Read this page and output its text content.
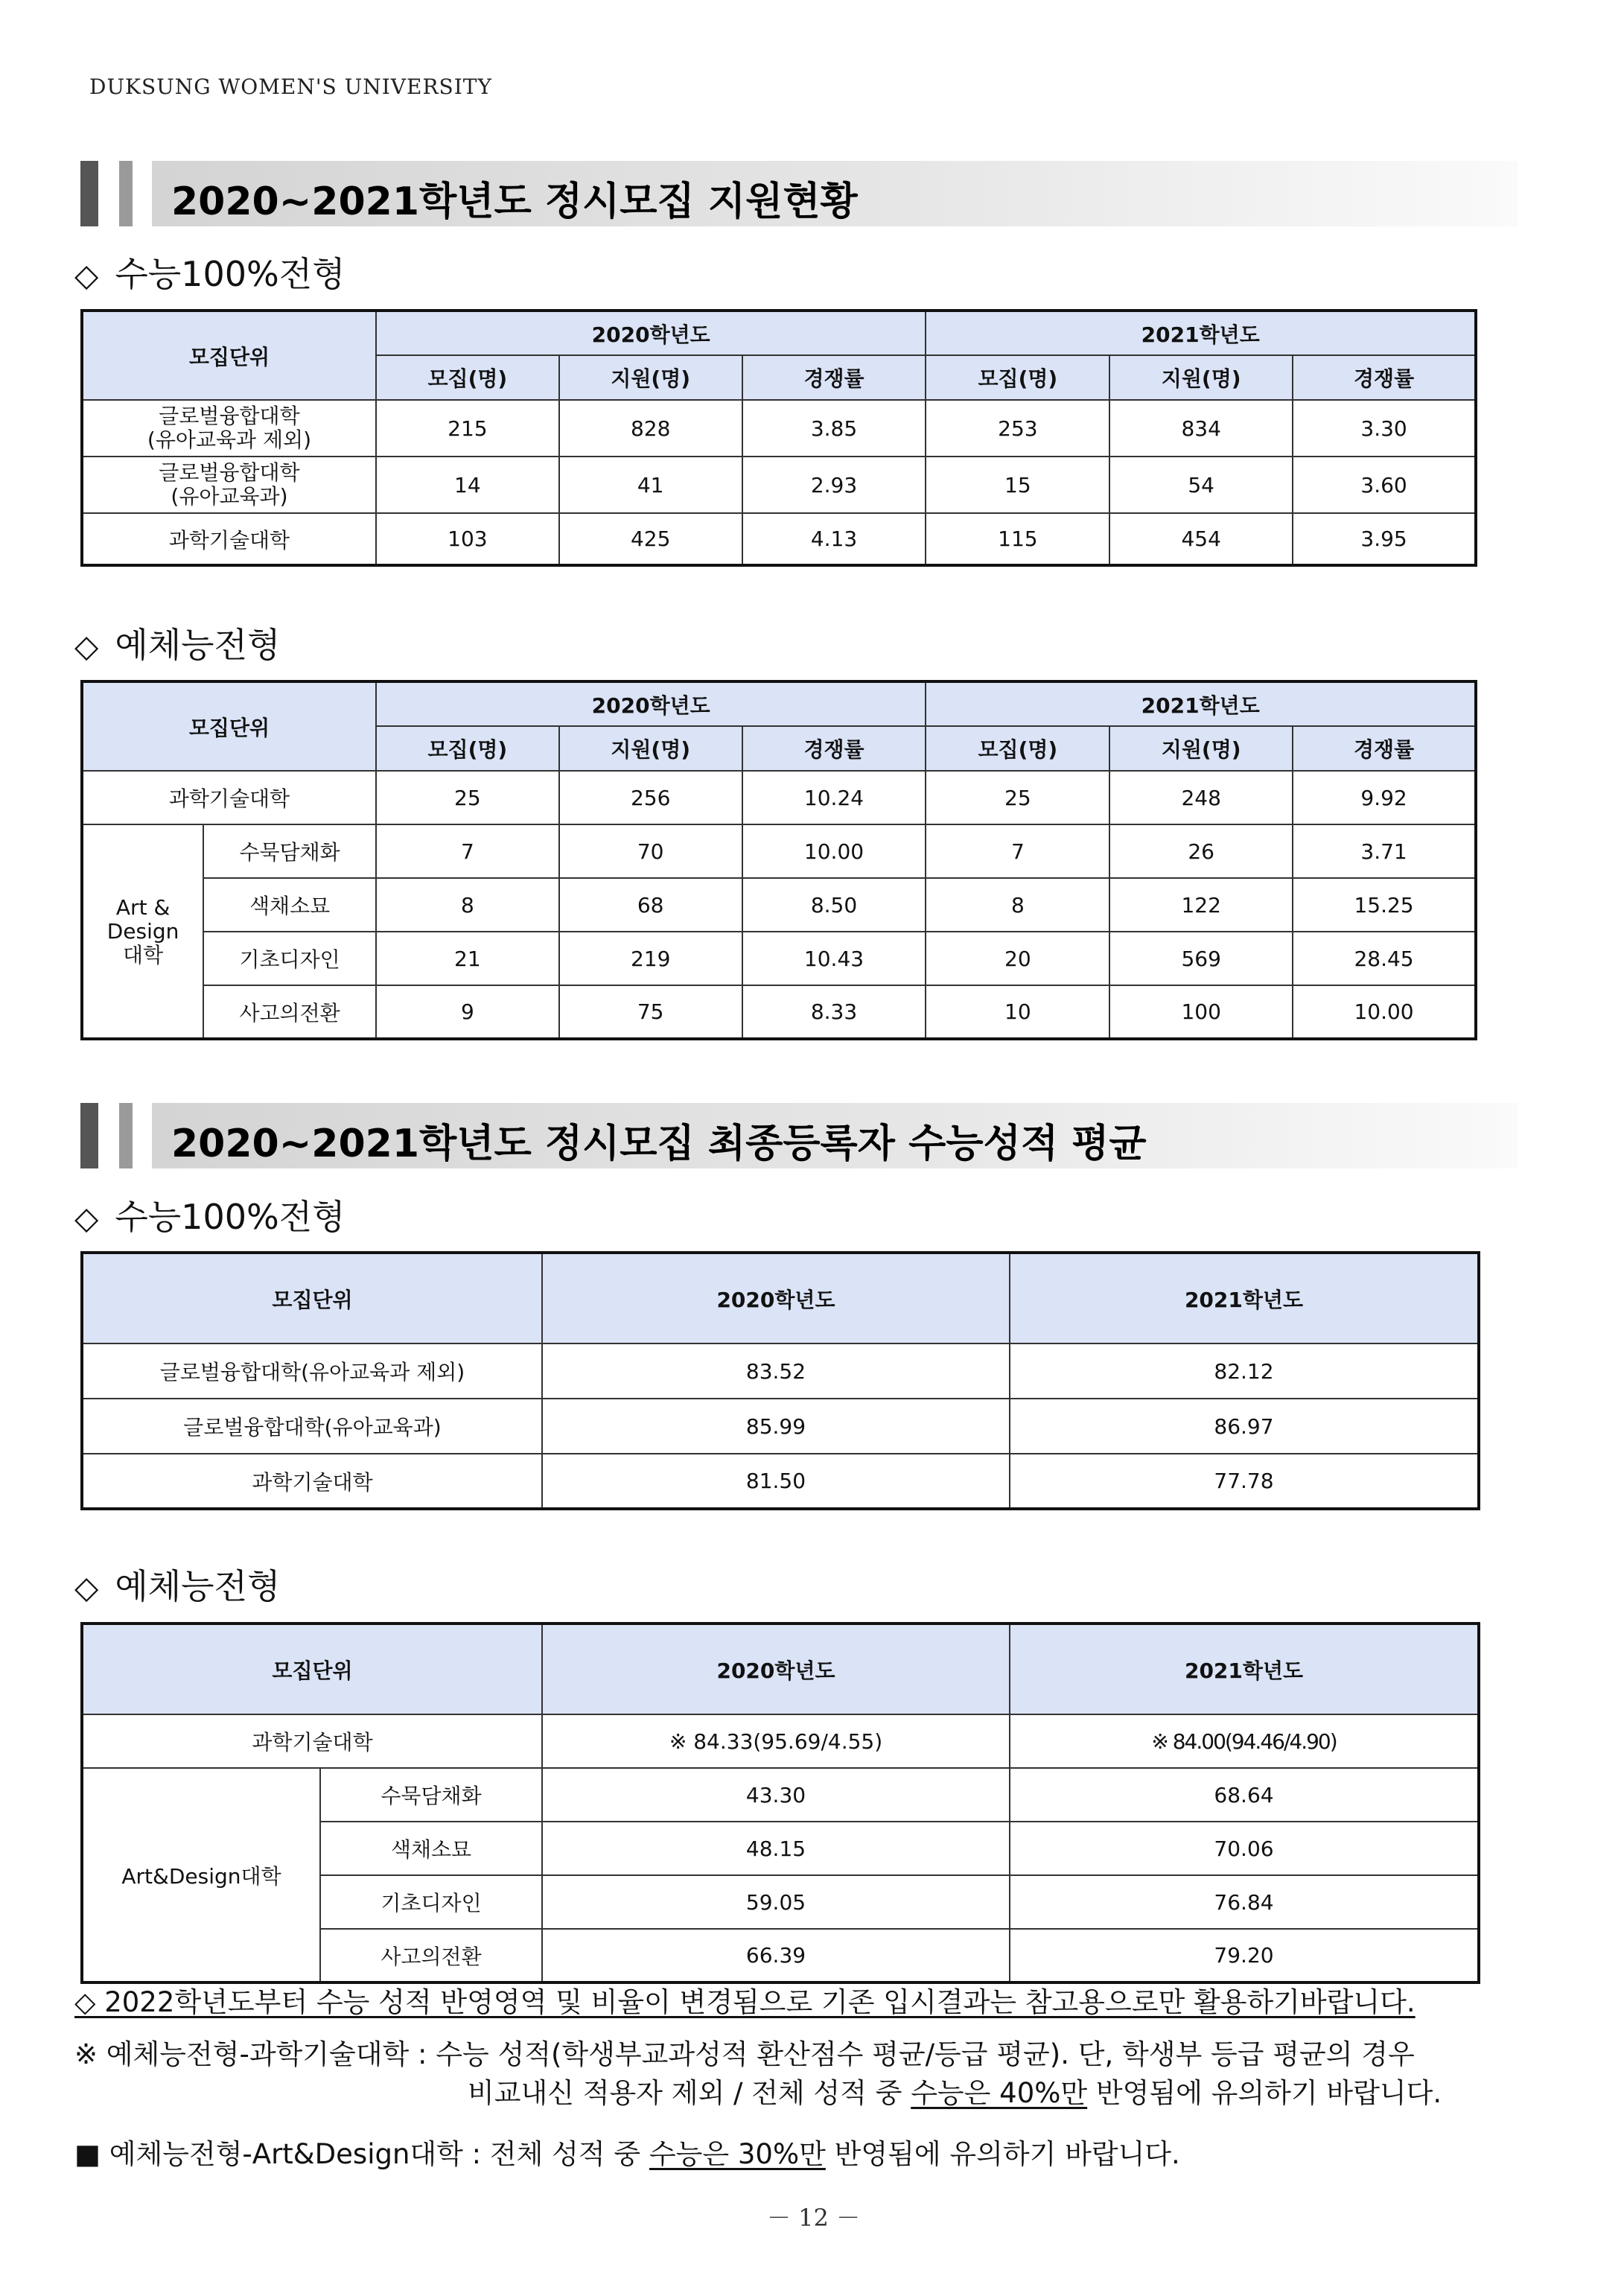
DUKSUNG WOMEN'S UNIVERSITY
2020~2021학년도 정시모집 지원현황
◇ 수능100%전형
모집단위	2020학년도			2021학년도		
	모집(명)	지원(명)	경쟁률	모집(명)	지원(명)	경쟁률
글로벌융합대학
(유아교육과 제외)	215	828	3.85	253	834	3.30
글로벌융합대학
(유아교육과)	14	41	2.93	15	54	3.60
과학기술대학	103	425	4.13	115	454	3.95
◇ 예체능전형
모집단위		2020학년도			2021학년도		
		모집(명)	지원(명)	경쟁률	모집(명)	지원(명)	경쟁률
과학기술대학		25	256	10.24	25	248	9.92
Art &
Design
대학	수묵담채화	7	70	10.00	7	26	3.71
	색채소묘	8	68	8.50	8	122	15.25
	기초디자인	21	219	10.43	20	569	28.45
	사고의전환	9	75	8.33	10	100	10.00
2020~2021학년도 정시모집 최종등록자 수능성적 평균
◇ 수능100%전형
모집단위	2020학년도	2021학년도
글로벌융합대학(유아교육과 제외)	83.52	82.12
글로벌융합대학(유아교육과)	85.99	86.97
과학기술대학	81.50	77.78
◇ 예체능전형
모집단위		2020학년도	2021학년도
과학기술대학		※ 84.33(95.69/4.55)	※ 84.00(94.46/4.90)
Art&Design대학	수묵담채화	43.30	68.64
	색채소묘	48.15	70.06
	기초디자인	59.05	76.84
	사고의전환	66.39	79.20
◇ 2022학년도부터 수능 성적 반영영역 및 비율이 변경됨으로 기존 입시결과는 참고용으로만 활용하기바랍니다.
※ 예체능전형-과학기술대학 : 수능 성적(학생부교과성적 환산점수 평균/등급 평균). 단, 학생부 등급 평균의 경우
비교내신 적용자 제외 / 전체 성적 중 수능은 40%만 반영됨에 유의하기 바랍니다.
■ 예체능전형-Art&Design대학 : 전체 성적 중 수능은 30%만 반영됨에 유의하기 바랍니다.
－ 12 －
